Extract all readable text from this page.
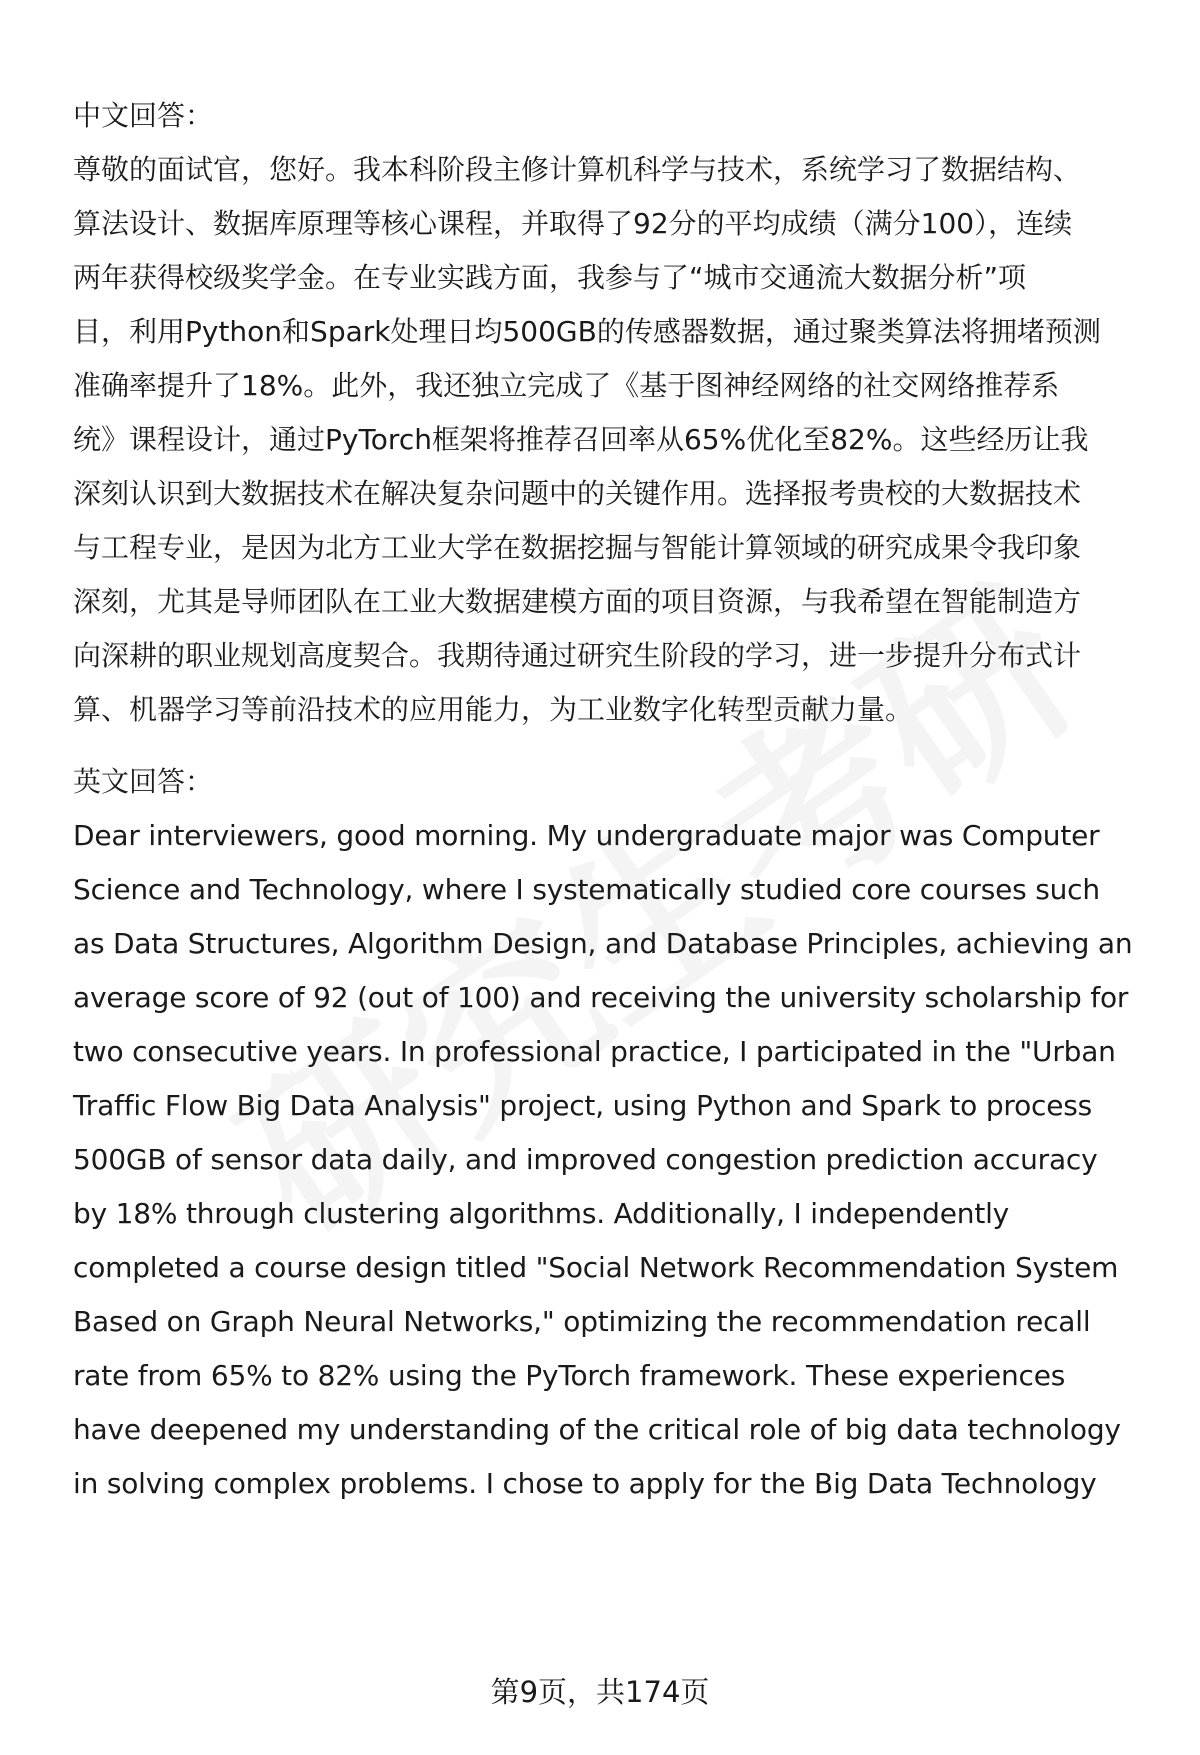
中文回答：
尊敬的面试官，您好。我本科阶段主修计算机科学与技术，系统学习了数据结构、
算法设计、数据库原理等核心课程，并取得了92分的平均成绩（满分100），连续
两年获得校级奖学金。在专业实践方面，我参与了“城市交通流大数据分析”项
目，利用Python和Spark处理日均500GB的传感器数据，通过聚类算法将拥堵预测
准确率提升了18%。此外，我还独立完成了《基于图神经网络的社交网络推荐系
统》课程设计，通过PyTorch框架将推荐召回率从65%优化至82%。这些经历让我
深刻认识到大数据技术在解决复杂问题中的关键作用。选择报考贵校的大数据技术
与工程专业，是因为北方工业大学在数据挖掘与智能计算领域的研究成果令我印象
深刻，尤其是导师团队在工业大数据建模方面的项目资源，与我希望在智能制造方
向深耕的职业规划高度契合。我期待通过研究生阶段的学习，进一步提升分布式计
算、机器学习等前沿技术的应用能力，为工业数字化转型贡献力量。
英文回答：
Dear interviewers, good morning. My undergraduate major was Computer
Science and Technology, where I systematically studied core courses such
as Data Structures, Algorithm Design, and Database Principles, achieving an
average score of 92 (out of 100) and receiving the university scholarship for
two consecutive years. In professional practice, I participated in the "Urban
Traffic Flow Big Data Analysis" project, using Python and Spark to process
500GB of sensor data daily, and improved congestion prediction accuracy
by 18% through clustering algorithms. Additionally, I independently
completed a course design titled "Social Network Recommendation System
Based on Graph Neural Networks," optimizing the recommendation recall
rate from 65% to 82% using the PyTorch framework. These experiences
have deepened my understanding of the critical role of big data technology
in solving complex problems. I chose to apply for the Big Data Technology
第9页，共174页
